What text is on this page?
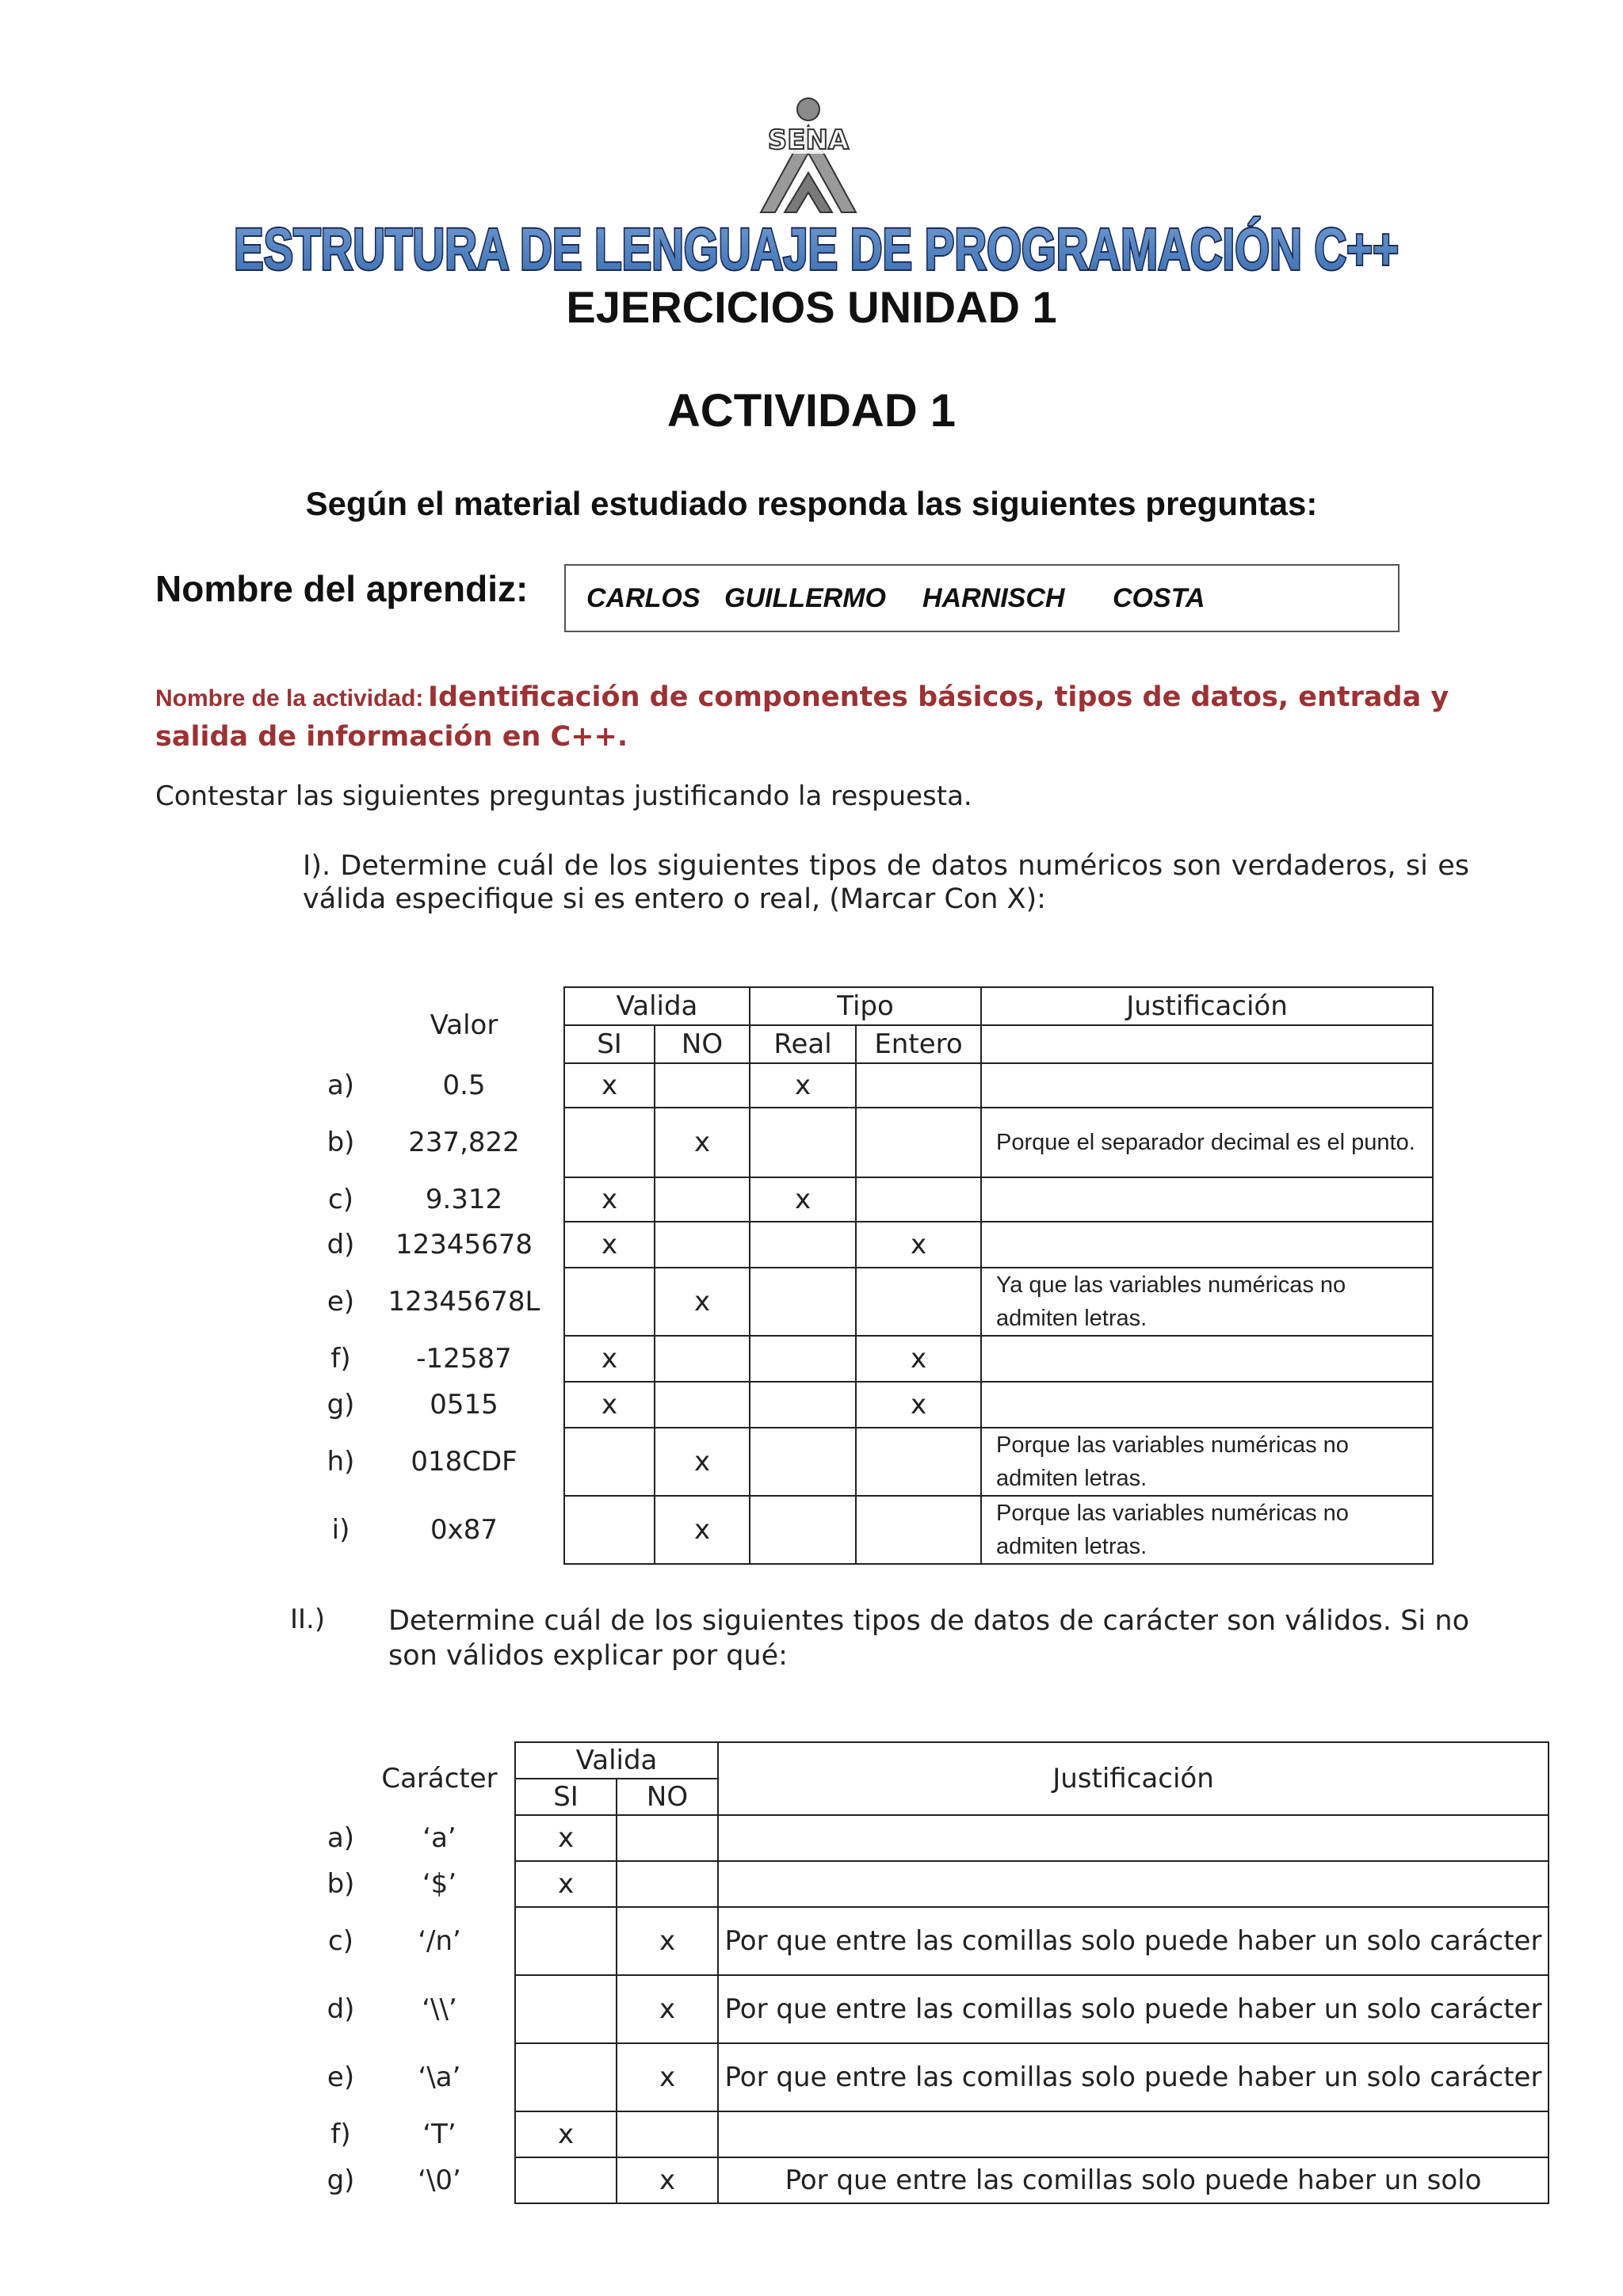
SENA
ESTRUTURA DE LENGUAJE DE PROGRAMACIÓN C++
EJERCICIOS UNIDAD 1
ACTIVIDAD 1
Según el material estudiado responda las siguientes preguntas:
Nombre del aprendiz: CARLOS GUILLERMO HARNISCH COSTA
Nombre de la actividad: Identificación de componentes básicos, tipos de datos, entrada y salida de información en C++.
Contestar las siguientes preguntas justificando la respuesta.
I). Determine cuál de los siguientes tipos de datos numéricos son verdaderos, si es válida especifique si es entero o real, (Marcar Con X):
	Valor	Valida		Tipo		Justificación
		SI	NO	Real	Entero	
a)	0.5	x		x		
b)	237,822		x			Porque el separador decimal es el punto.
c)	9.312	x		x		
d)	12345678	x			x	
e)	12345678L		x			Ya que las variables numéricas no admiten letras.
f)	-12587	x			x	
g)	0515	x			x	
h)	018CDF		x			Porque las variables numéricas no admiten letras.
i)	0x87		x			Porque las variables numéricas no admiten letras.
II.) Determine cuál de los siguientes tipos de datos de carácter son válidos. Si no son válidos explicar por qué:
	Carácter	Valida		Justificación
		SI	NO	
a)	‘a’	x		
b)	‘$’	x		
c)	‘/n’		x	Por que entre las comillas solo puede haber un solo carácter
d)	‘\\’		x	Por que entre las comillas solo puede haber un solo carácter
e)	‘\a’		x	Por que entre las comillas solo puede haber un solo carácter
f)	‘T’	x		
g)	‘\0’		x	Por que entre las comillas solo puede haber un solo
